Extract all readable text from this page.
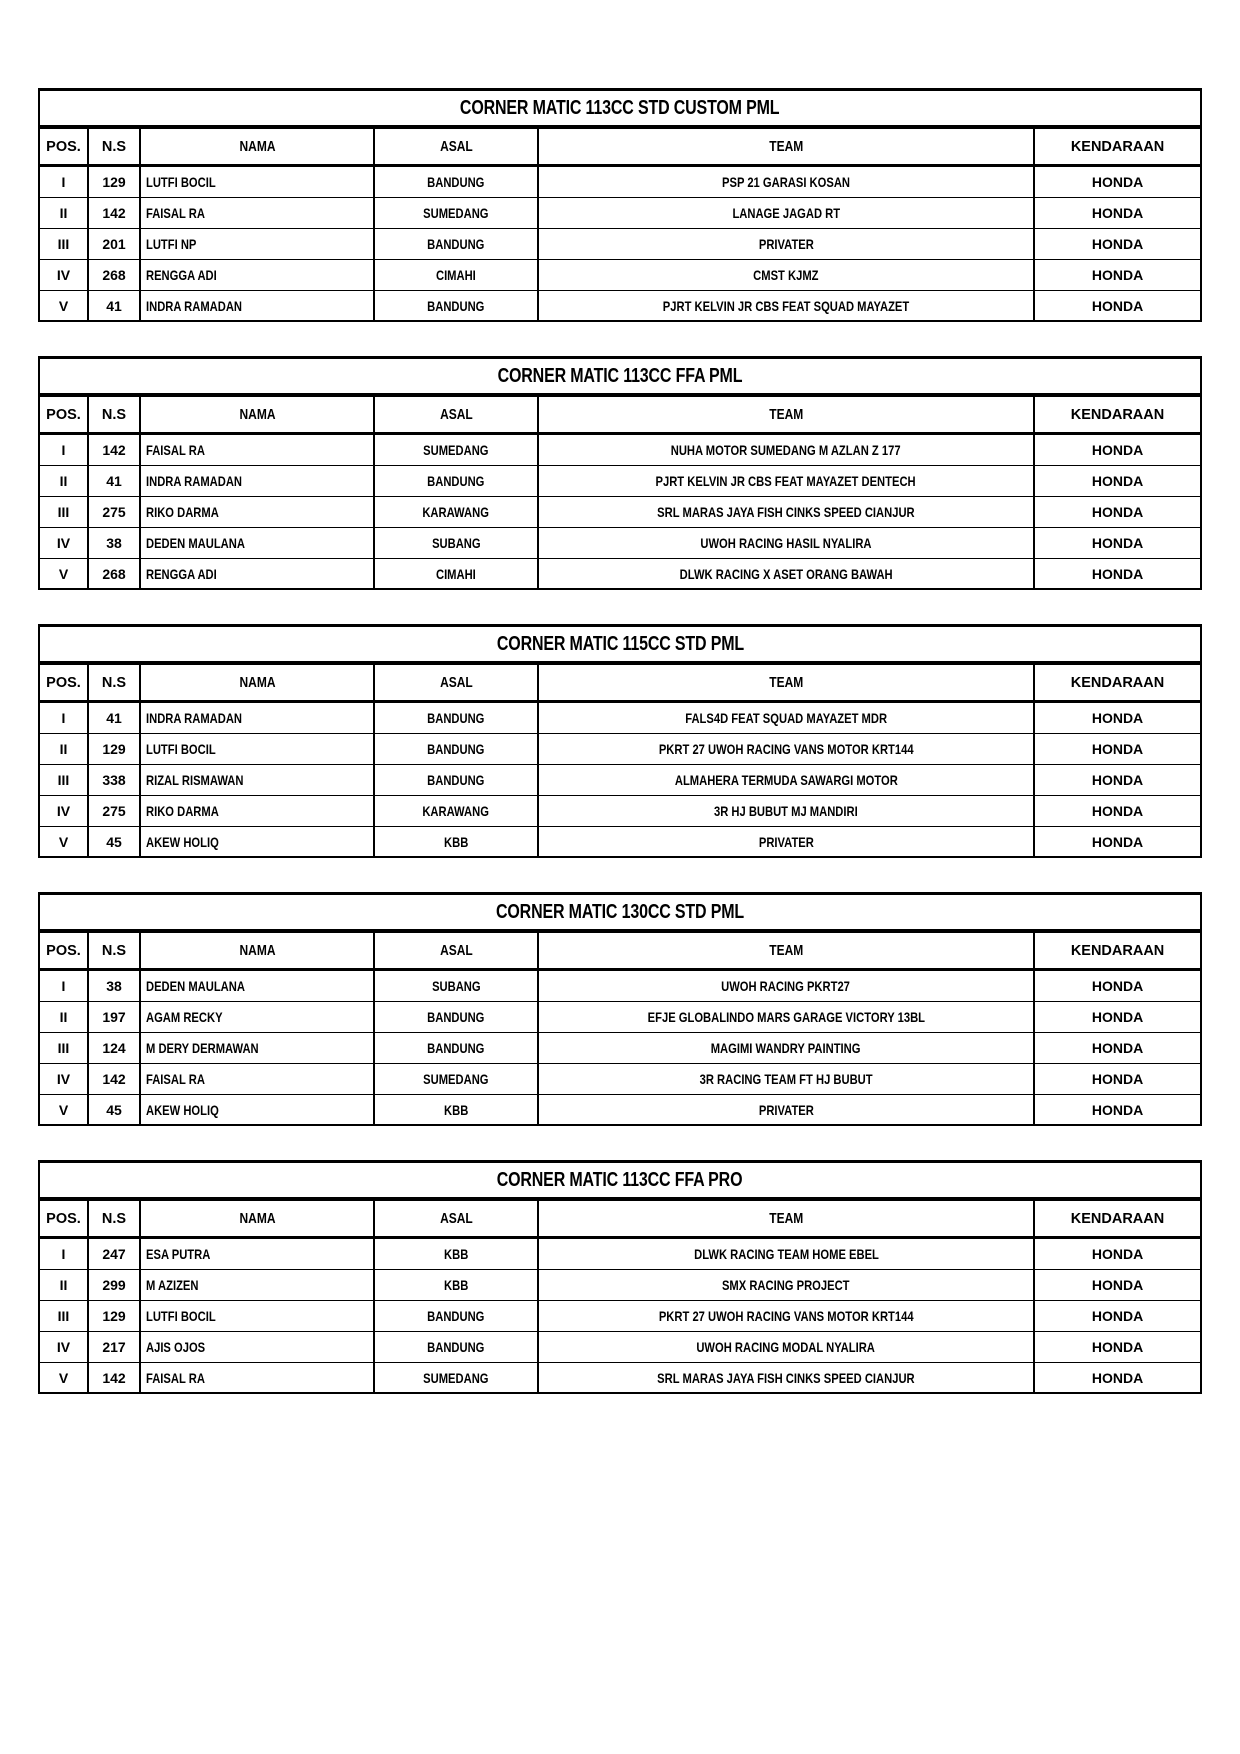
CORNER MATIC 113CC STD CUSTOM PML					
POS.	N.S	NAMA	ASAL	TEAM	KENDARAAN
I	129	LUTFI BOCIL	BANDUNG	PSP 21 GARASI KOSAN	HONDA
II	142	FAISAL RA	SUMEDANG	LANAGE JAGAD RT	HONDA
III	201	LUTFI NP	BANDUNG	PRIVATER	HONDA
IV	268	RENGGA ADI	CIMAHI	CMST KJMZ	HONDA
V	41	INDRA RAMADAN	BANDUNG	PJRT KELVIN JR CBS FEAT SQUAD MAYAZET	HONDA
CORNER MATIC 113CC FFA PML					
POS.	N.S	NAMA	ASAL	TEAM	KENDARAAN
I	142	FAISAL RA	SUMEDANG	NUHA MOTOR SUMEDANG M AZLAN Z 177	HONDA
II	41	INDRA RAMADAN	BANDUNG	PJRT KELVIN JR CBS FEAT MAYAZET DENTECH	HONDA
III	275	RIKO DARMA	KARAWANG	SRL MARAS JAYA FISH CINKS SPEED CIANJUR	HONDA
IV	38	DEDEN MAULANA	SUBANG	UWOH RACING HASIL NYALIRA	HONDA
V	268	RENGGA ADI	CIMAHI	DLWK RACING X ASET ORANG BAWAH	HONDA
CORNER MATIC 115CC STD PML					
POS.	N.S	NAMA	ASAL	TEAM	KENDARAAN
I	41	INDRA RAMADAN	BANDUNG	FALS4D FEAT SQUAD MAYAZET MDR	HONDA
II	129	LUTFI BOCIL	BANDUNG	PKRT 27 UWOH RACING VANS MOTOR KRT144	HONDA
III	338	RIZAL RISMAWAN	BANDUNG	ALMAHERA TERMUDA SAWARGI MOTOR	HONDA
IV	275	RIKO DARMA	KARAWANG	3R HJ BUBUT MJ MANDIRI	HONDA
V	45	AKEW HOLIQ	KBB	PRIVATER	HONDA
CORNER MATIC 130CC STD PML					
POS.	N.S	NAMA	ASAL	TEAM	KENDARAAN
I	38	DEDEN MAULANA	SUBANG	UWOH RACING PKRT27	HONDA
II	197	AGAM RECKY	BANDUNG	EFJE GLOBALINDO MARS GARAGE VICTORY 13BL	HONDA
III	124	M DERY DERMAWAN	BANDUNG	MAGIMI WANDRY PAINTING	HONDA
IV	142	FAISAL RA	SUMEDANG	3R RACING TEAM FT HJ BUBUT	HONDA
V	45	AKEW HOLIQ	KBB	PRIVATER	HONDA
CORNER MATIC 113CC FFA PRO					
POS.	N.S	NAMA	ASAL	TEAM	KENDARAAN
I	247	ESA PUTRA	KBB	DLWK RACING TEAM HOME EBEL	HONDA
II	299	M AZIZEN	KBB	SMX RACING PROJECT	HONDA
III	129	LUTFI BOCIL	BANDUNG	PKRT 27 UWOH RACING VANS MOTOR KRT144	HONDA
IV	217	AJIS OJOS	BANDUNG	UWOH RACING MODAL NYALIRA	HONDA
V	142	FAISAL RA	SUMEDANG	SRL MARAS JAYA FISH CINKS SPEED CIANJUR	HONDA
